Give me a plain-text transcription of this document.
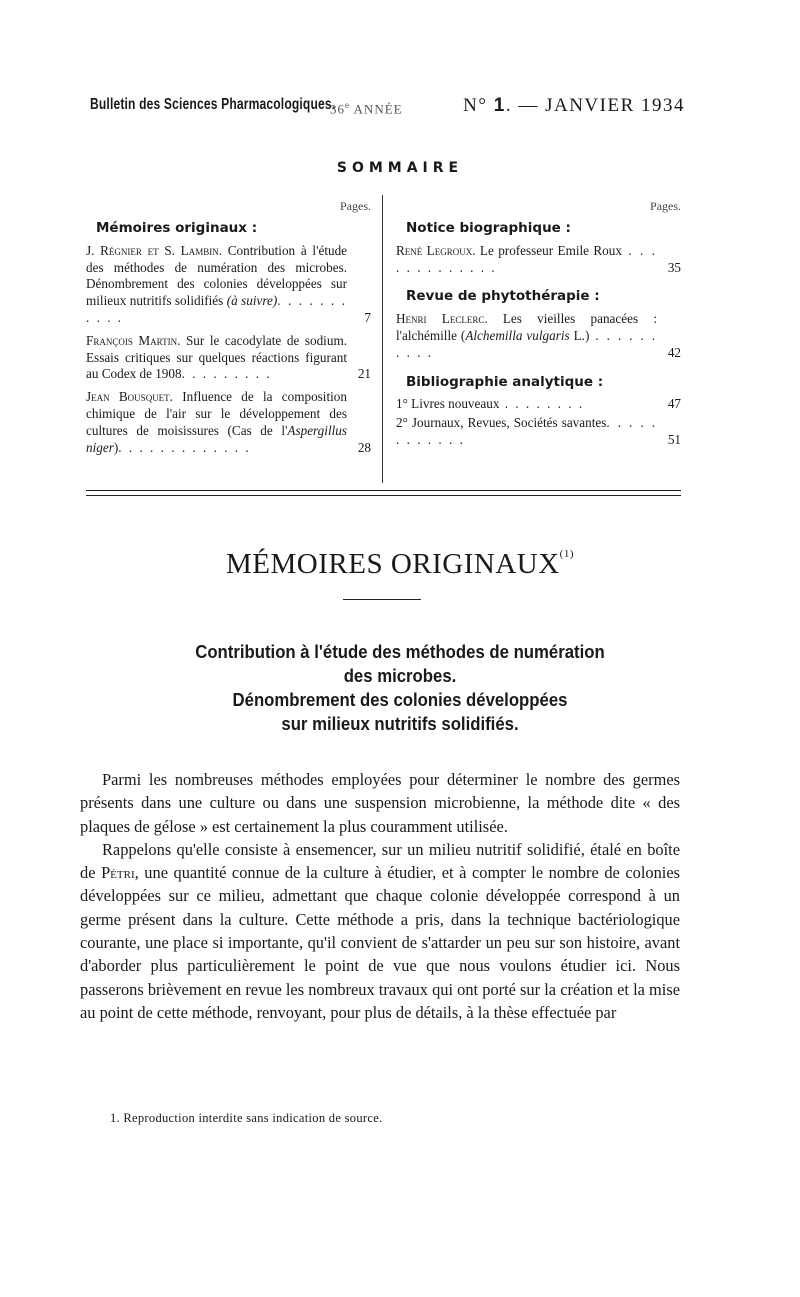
Bulletin des Sciences Pharmacologiques.
36e ANNÉE	N° 1. — JANVIER 1934
SOMMAIRE
Pages.
Mémoires originaux :
J. Régnier et S. Lambin. Contribution à l'étude des méthodes de numération des microbes. Dénombrement des colonies développées sur milieux nutritifs solidifiés (à suivre). . . . . . . . . . .	7
François Martin. Sur le cacodylate de sodium. Essais critiques sur quelques réactions figurant au Codex de 1908. . . . . . . . .	21
Jean Bousquet. Influence de la composition chimique de l'air sur le développement des cultures de moisissures (Cas de l'Aspergillus niger). . . . . . . . . . . . .	28
Pages.
Notice biographique :
René Legroux. Le professeur Emile Roux . . . . . . . . . . . . .	35
Revue de phytothérapie :
Henri Leclerc. Les vieilles panacées : l'alchémille (Alchemilla vulgaris L.) . . . . . . . . . .	42
Bibliographie analytique :
1° Livres nouveaux . . . . . . . .	47
2° Journaux, Revues, Sociétés savantes. . . . . . . . . . . .	51
MÉMOIRES ORIGINAUX$^{(1)}$
Contribution à l'étude des méthodes de numération
des microbes.
Dénombrement des colonies développées
sur milieux nutritifs solidifiés.

Parmi les nombreuses méthodes employées pour déterminer le nombre des germes présents dans une culture ou dans une suspension microbienne, la méthode dite « des plaques de gélose » est certainement la plus couramment utilisée.

Rappelons qu'elle consiste à ensemencer, sur un milieu nutritif solidifié, étalé en boîte de Pétri, une quantité connue de la culture à étudier, et à compter le nombre de colonies développées sur ce milieu, admettant que chaque colonie développée correspond à un germe présent dans la culture. Cette méthode a pris, dans la technique bactériologique courante, une place si importante, qu'il convient de s'attarder un peu sur son histoire, avant d'aborder plus particulièrement le point de vue que nous voulons étudier ici. Nous passerons brièvement en revue les nombreux travaux qui ont porté sur la création et la mise au point de cette méthode, renvoyant, pour plus de détails, à la thèse effectuée par

1. Reproduction interdite sans indication de source.
